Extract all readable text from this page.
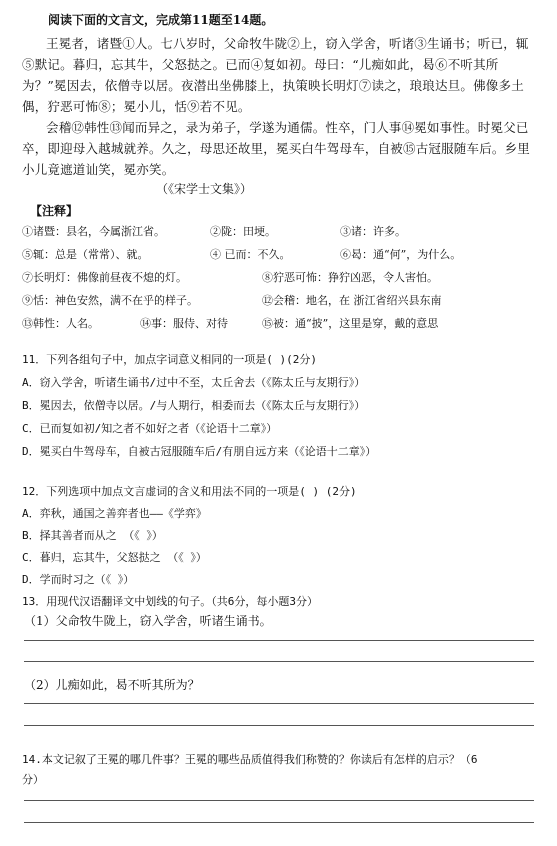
阅读下面的文言文，完成第11题至14题。
王冕者，诸暨①人。七八岁时，父命牧牛陇②上，窃入学舍，听诸③生诵书；听已，辄⑤默记。暮归，忘其牛，父怒挞之。已而④复如初。母曰：“儿痴如此，曷⑥不听其所为？”冕因去，依僧寺以居。夜潜出坐佛膝上，执策映长明灯⑦读之，琅琅达旦。佛像多土偶，狞恶可怖⑧；冕小儿，恬⑨若不见。
会稽⑫韩性⑬闻而异之，录为弟子，学遂为通儒。性卒，门人事⑭冕如事性。时冕父已卒，即迎母入越城就养。久之，母思还故里，冕买白牛驾母车，自被⑮古冠服随车后。乡里小儿竟遮道讪笑，冕亦笑。
（《宋学士文集》）
【注释】
①诸暨：县名，今属浙江省。	②陇：田埂。	③诸：许多。
⑤辄：总是（常常）、就。	④ 已而：不久。	⑥曷：通“何”，为什么。
⑦长明灯：佛像前昼夜不熄的灯。	⑧狞恶可怖：狰狞凶恶，令人害怕。
⑨恬：神色安然，满不在乎的样子。	⑫会稽：地名，在 浙江省绍兴县东南
⑬韩性：人名。	⑭事：服侍、对待	⑮被：通“披”，这里是穿，戴的意思
11．下列各组句子中，加点字词意义相同的一项是( )(2分)
A．窃入学舍，听诸生诵书/过中不至，太丘舍去（《陈太丘与友期行》）
B．冕因去，依僧寺以居。/与人期行，相委而去（《陈太丘与友期行》）
C．已而复如初/知之者不如好之者（《论语十二章》）
D．冕买白牛驾母车，自被古冠服随车后/有朋自远方来（《论语十二章》）
12．下列选项中加点文言虚词的含义和用法不同的一项是( ) (2分)
A．弈秋，通国之善弈者也——《学弈》
B．择其善者而从之 （《 》）
C．暮归，忘其牛，父怒挞之 （《 》）
D．学而时习之（《 》）
13．用现代汉语翻译文中划线的句子。（共6分，每小题3分）
（1）父命牧牛陇上，窃入学舍，听诸生诵书。
（2）儿痴如此，曷不听其所为？
14.本文记叙了王冕的哪几件事？王冕的哪些品质值得我们称赞的？你读后有怎样的启示？（6
分）
